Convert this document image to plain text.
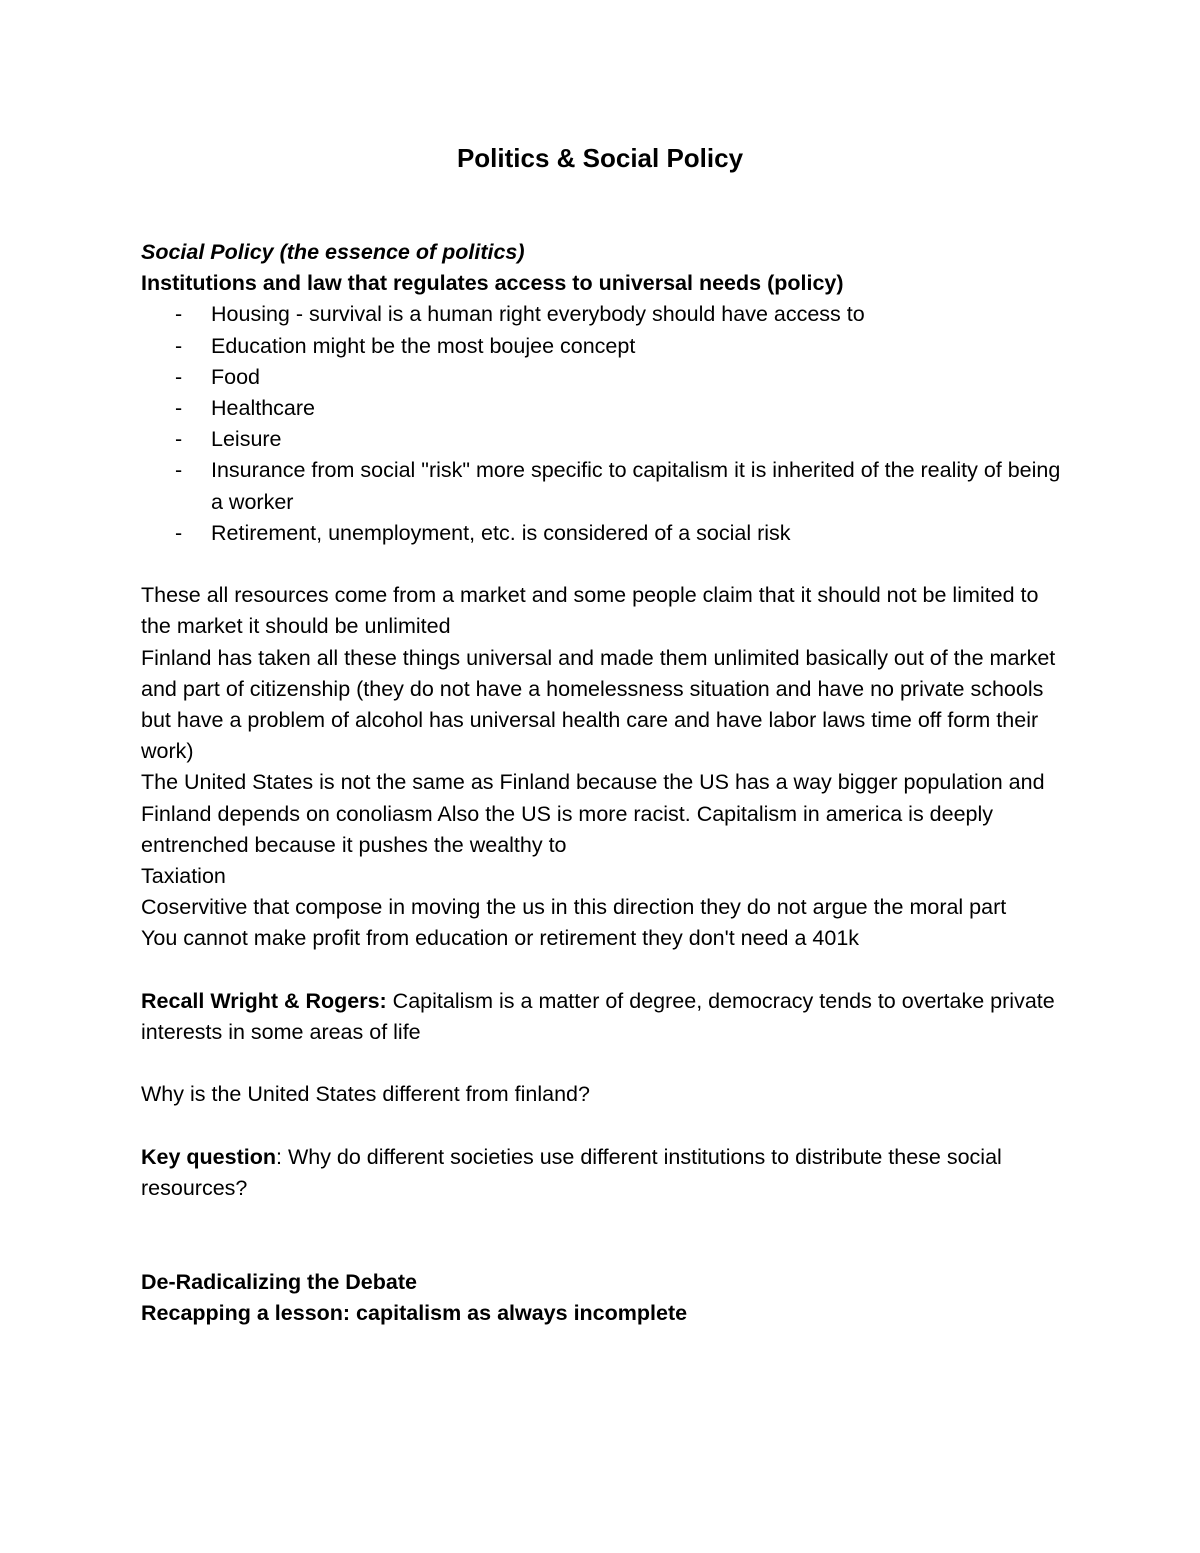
Politics & Social Policy

Social Policy (the essence of politics)

Institutions and law that regulates access to universal needs (policy)

- Housing - survival is a human right everybody should have access to
- Education might be the most boujee concept
- Food
- Healthcare
- Leisure
- Insurance from social "risk" more specific to capitalism it is inherited of the reality of being a worker
- Retirement, unemployment, etc. is considered of a social risk

These all resources come from a market and some people claim that it should not be limited to the market it should be unlimited

Finland has taken all these things universal and made them unlimited basically out of the market and part of citizenship (they do not have a homelessness situation and have no private schools but have a problem of alcohol has universal health care and have labor laws time off form their work)

The United States is not the same as Finland because the US has a way bigger population and Finland depends on conoliasm Also the US is more racist. Capitalism in america is deeply entrenched because it pushes the wealthy to

Taxiation

Coservitive that compose in moving the us in this direction they do not argue the moral part

You cannot make profit from education or retirement they don't need a 401k

Recall Wright & Rogers: Capitalism is a matter of degree, democracy tends to overtake private interests in some areas of life

Why is the United States different from finland?

Key question: Why do different societies use different institutions to distribute these social resources?

De-Radicalizing the Debate

Recapping a lesson: capitalism as always incomplete
